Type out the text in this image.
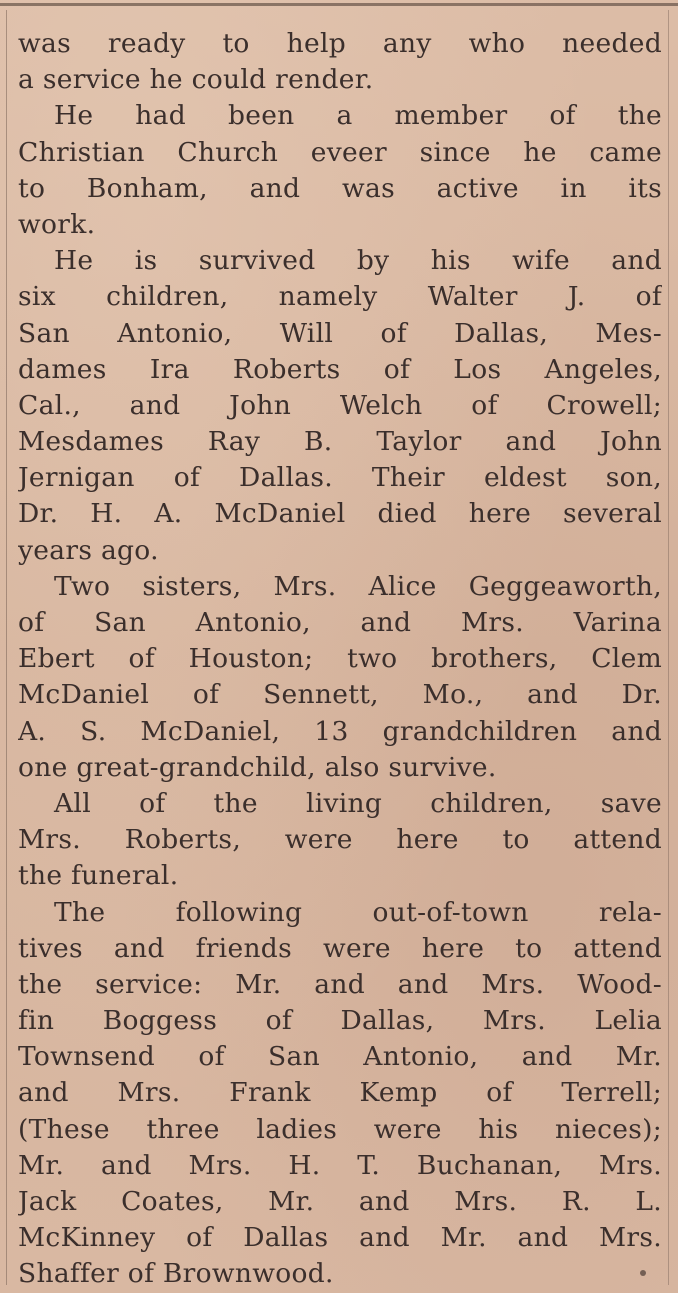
was ready to help any who needed
a service he could render.
He had been a member of the
Christian Church eveer since he came
to Bonham, and was active in its
work.
He is survived by his wife and
six children, namely Walter J. of
San Antonio, Will of Dallas, Mes-
dames Ira Roberts of Los Angeles,
Cal., and John Welch of Crowell;
Mesdames Ray B. Taylor and John
Jernigan of Dallas. Their eldest son,
Dr. H. A. McDaniel died here several
years ago.
Two sisters, Mrs. Alice Geggeaworth,
of San Antonio, and Mrs. Varina
Ebert of Houston; two brothers, Clem
McDaniel of Sennett, Mo., and Dr.
A. S. McDaniel, 13 grandchildren and
one great-grandchild, also survive.
All of the living children, save
Mrs. Roberts, were here to attend
the funeral.
The following out-of-town rela-
tives and friends were here to attend
the service: Mr. and and Mrs. Wood-
fin Boggess of Dallas, Mrs. Lelia
Townsend of San Antonio, and Mr.
and Mrs. Frank Kemp of Terrell;
(These three ladies were his nieces);
Mr. and Mrs. H. T. Buchanan, Mrs.
Jack Coates, Mr. and Mrs. R. L.
McKinney of Dallas and Mr. and Mrs.
Shaffer of Brownwood.
